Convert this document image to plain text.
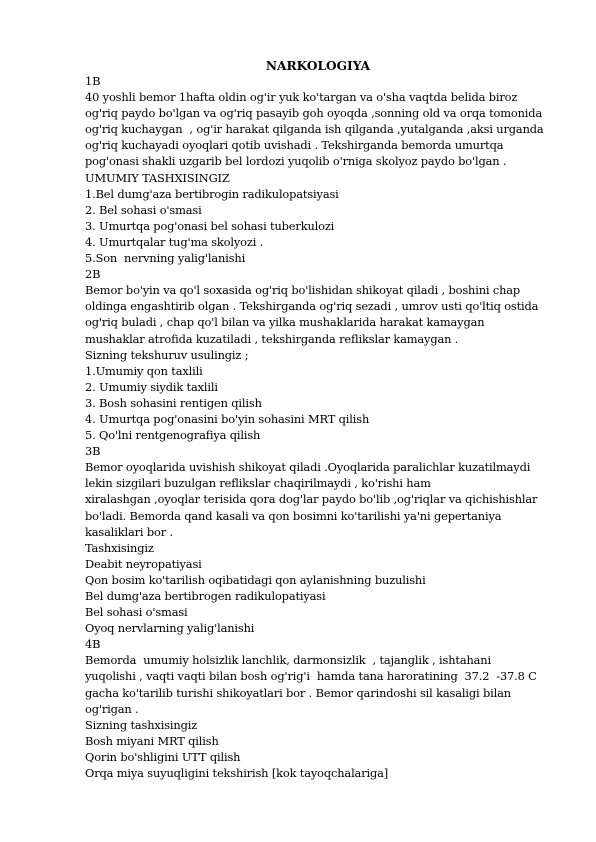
NARKOLOGIYA
1B
40 yoshli bemor 1hafta oldin og'ir yuk ko'targan va o'sha vaqtda belida biroz
og'riq paydo bo'lgan va og'riq pasayib goh oyoqda ,sonning old va orqa tomonida
og'riq kuchaygan  , og'ir harakat qilganda ish qilganda ,yutalganda ,aksi urganda
og'riq kuchayadi oyoqlari qotib uvishadi . Tekshirganda bemorda umurtqa
pog'onasi shakli uzgarib bel lordozi yuqolib o'rniga skolyoz paydo bo'lgan .
UMUMIY TASHXISINGIZ
1.Bel dumg'aza bertibrogin radikulopatsiyasi
2. Bel sohasi o'smasi
3. Umurtqa pog'onasi bel sohasi tuberkulozi
4. Umurtqalar tug'ma skolyozi .
5.Son  nervning yalig'lanishi
2B
Bemor bo'yin va qo'l soxasida og'riq bo'lishidan shikoyat qiladi , boshini chap
oldinga engashtirib olgan . Tekshirganda og'riq sezadi , umrov usti qo'ltiq ostida
og'riq buladi , chap qo'l bilan va yilka mushaklarida harakat kamaygan
mushaklar atrofida kuzatiladi , tekshirganda reflikslar kamaygan .
Sizning tekshuruv usulingiz ;
1.Umumiy qon taxlili
2. Umumiy siydik taxlili
3. Bosh sohasini rentigen qilish
4. Umurtqa pog'onasini bo'yin sohasini MRT qilish
5. Qo'lni rentgenografiya qilish
3B
Bemor oyoqlarida uvishish shikoyat qiladi .Oyoqlarida paralichlar kuzatilmaydi
lekin sizgilari buzulgan reflikslar chaqirilmaydi , ko'rishi ham
xiralashgan ,oyoqlar terisida qora dog'lar paydo bo'lib ,og'riqlar va qichishishlar
bo'ladi. Bemorda qand kasali va qon bosimni ko'tarilishi ya'ni gepertaniya
kasaliklari bor .
Tashxisingiz
Deabit neyropatiyasi
Qon bosim ko'tarilish oqibatidagi qon aylanishning buzulishi
Bel dumg'aza bertibrogen radikulopatiyasi
Bel sohasi o'smasi
Oyoq nervlarning yalig'lanishi
4B
Bemorda  umumiy holsizlik lanchlik, darmonsizlik  , tajanglik , ishtahani
yuqolishi , vaqti vaqti bilan bosh og'rig'i  hamda tana haroratining  37.2  -37.8 C
gacha ko'tarilib turishi shikoyatlari bor . Bemor qarindoshi sil kasaligi bilan
og'rigan .
Sizning tashxisingiz
Bosh miyani MRT qilish
Qorin bo'shligini UTT qilish
Orqa miya suyuqligini tekshirish [kok tayoqchalariga]
